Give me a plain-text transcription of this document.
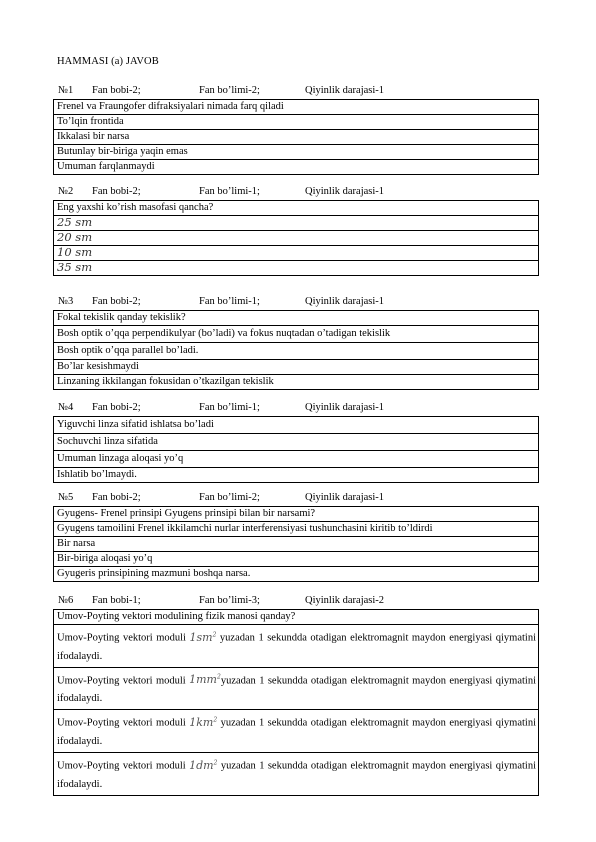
HAMMASI (a) JAVOB
№1 Fan bobi-2;	Fan bo’limi-2;	Qiyinlik darajasi-1
Frenel va Fraungofer difraksiyalari nimada farq qiladi
To’lqin frontida
Ikkalasi bir narsa
Butunlay bir-biriga yaqin emas
Umuman farqlanmaydi
№2 Fan bobi-2;	Fan bo’limi-1;	Qiyinlik darajasi-1
Eng yaxshi ko’rish masofasi qancha?
25 sm
20 sm
10 sm
35 sm
№3 Fan bobi-2;	Fan bo’limi-1;	Qiyinlik darajasi-1
Fokal tekislik qanday tekislik?
Bosh optik o’qqa perpendikulyar (bo’ladi) va fokus nuqtadan o’tadigan tekislik
Bosh optik o’qqa parallel bo’ladi.
Bo’lar kesishmaydi
Linzaning ikkilangan fokusidan o’tkazilgan tekislik
№4 Fan bobi-2;	Fan bo’limi-1;	Qiyinlik darajasi-1
Yiguvchi linza sifatid ishlatsa bo’ladi
Sochuvchi linza sifatida
Umuman linzaga aloqasi yo’q
Ishlatib bo’lmaydi.
№5 Fan bobi-2;	Fan bo’limi-2;	Qiyinlik darajasi-1
Gyugens- Frenel prinsipi Gyugens prinsipi bilan bir narsami?
Gyugens tamoilini Frenel ikkilamchi nurlar interferensiyasi tushunchasini kiritib to’ldirdi
Bir narsa
Bir-biriga aloqasi yo’q
Gyugeris prinsipining mazmuni boshqa narsa.
№6 Fan bobi-1;	Fan bo’limi-3;	Qiyinlik darajasi-2
Umov-Poyting vektori modulining fizik manosi qanday?
Umov-Poyting vektori moduli $1sm^2$ yuzadan 1 sekundda otadigan elektromagnit maydon energiyasi qiymatini ifodalaydi.
Umov-Poyting vektori moduli $1mm^2yuzadan$ 1 sekundda otadigan elektromagnit maydon energiyasi qiymatini ifodalaydi.
Umov-Poyting vektori moduli $1km^2$ yuzadan 1 sekundda otadigan elektromagnit maydon energiyasi qiymatini ifodalaydi.
Umov-Poyting vektori moduli $1dm^2$ yuzadan 1 sekundda otadigan elektromagnit maydon energiyasi qiymatini ifodalaydi.
